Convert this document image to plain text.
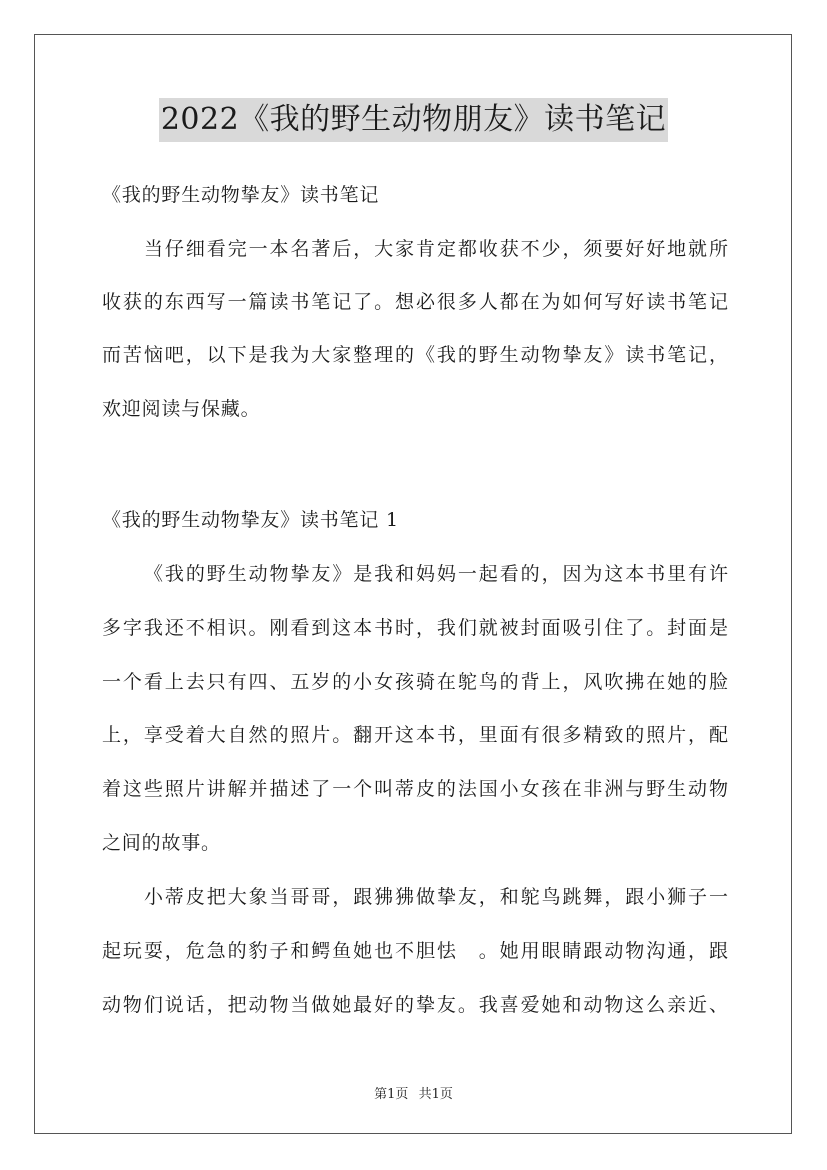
2022《我的野生动物朋友》读书笔记
《我的野生动物挚友》读书笔记
当仔细看完一本名著后，大家肯定都收获不少，须要好好地就所
收获的东西写一篇读书笔记了。想必很多人都在为如何写好读书笔记
而苦恼吧，以下是我为大家整理的《我的野生动物挚友》读书笔记，
欢迎阅读与保藏。
《我的野生动物挚友》读书笔记 1
《我的野生动物挚友》是我和妈妈一起看的，因为这本书里有许
多字我还不相识。刚看到这本书时，我们就被封面吸引住了。封面是
一个看上去只有四、五岁的小女孩骑在鸵鸟的背上，风吹拂在她的脸
上，享受着大自然的照片。翻开这本书，里面有很多精致的照片，配
着这些照片讲解并描述了一个叫蒂皮的法国小女孩在非洲与野生动物
之间的故事。
小蒂皮把大象当哥哥，跟狒狒做挚友，和鸵鸟跳舞，跟小狮子一
起玩耍，危急的豹子和鳄鱼她也不胆怯　。她用眼睛跟动物沟通，跟
动物们说话，把动物当做她最好的挚友。我喜爱她和动物这么亲近、
第1页 共1页
